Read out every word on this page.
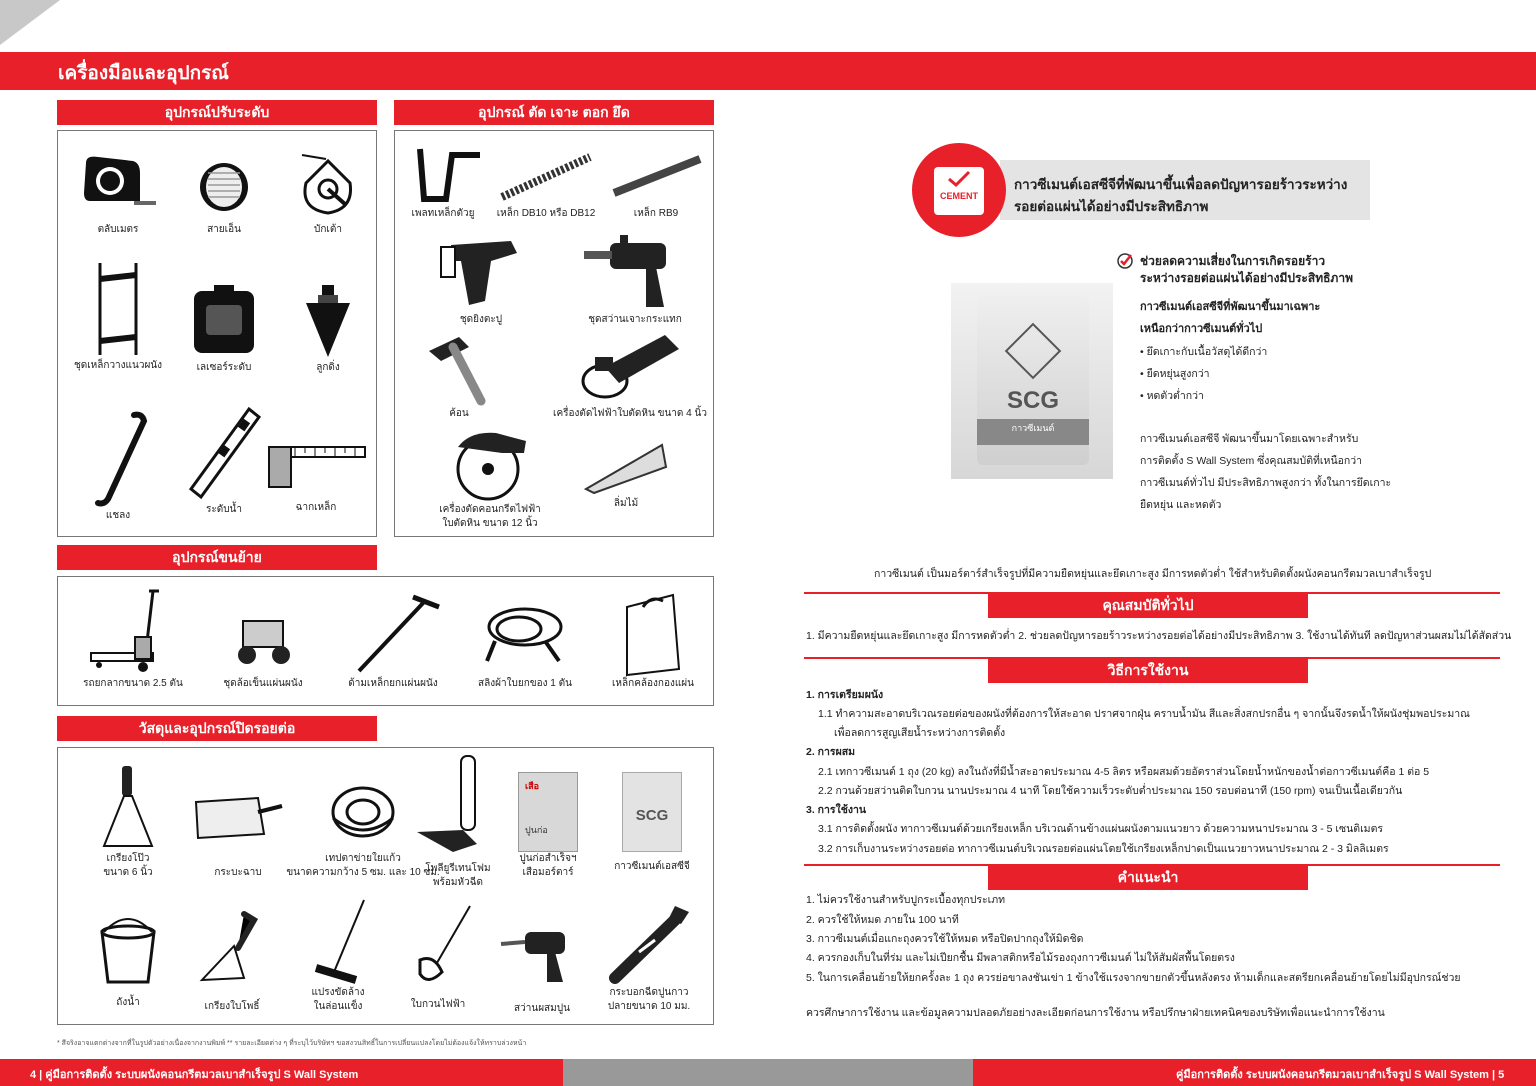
เครื่องมือและอุปกรณ์
อุปกรณ์ปรับระดับ
ตลับเมตร	สายเอ็น	บักเต้า
ชุดเหล็กวางแนวผนัง	เลเซอร์ระดับ	ลูกดิ่ง
แชลง
ระดับน้ำ	ฉากเหล็ก
อุปกรณ์ ตัด เจาะ ตอก ยึด
เพลทเหล็กตัวยู	เหล็ก DB10 หรือ DB12	เหล็ก RB9
ชุดยิงตะปู	ชุดสว่านเจาะกระแทก
ค้อน	เครื่องตัดไฟฟ้าใบตัดหิน ขนาด 4 นิ้ว
เครื่องตัดคอนกรีตไฟฟ้า
ใบตัดหิน ขนาด 12 นิ้ว
ลิ่มไม้
อุปกรณ์ขนย้าย
รถยกลากขนาด 2.5 ตัน	ชุดล้อเข็นแผ่นผนัง	ด้ามเหล็กยกแผ่นผนัง	สลิงผ้าใบยกของ 1 ตัน	เหล็กคล้องกองแผ่น
วัสดุและอุปกรณ์ปิดรอยต่อ
เกรียงโป๊ว
ขนาด 6 นิ้ว	กระบะฉาบ
เทปตาข่ายใยแก้ว
ขนาดความกว้าง 5 ซม. และ 10 ซม.
โพลียูรีเทนโฟม
พร้อมหัวฉีด
เสือ
ปูนก่อ
ปูนก่อสำเร็จฯ
เสือมอร์ตาร์
SCG
กาวซีเมนต์เอสซีจี
ถังน้ำ	เกรียงใบโพธิ์
แปรงขัดล้าง
ในล่อนแข็ง	ใบกวนไฟฟ้า	สว่านผสมปูน
กระบอกฉีดปูนกาว
ปลายขนาด 10 มม.
* สีจริงอาจแตกต่างจากที่ในรูปตัวอย่างเนื่องจากงานพิมพ์ ** รายละเอียดต่าง ๆ ที่ระบุไว้บริษัทฯ ขอสงวนสิทธิ์ในการเปลี่ยนแปลงโดยไม่ต้องแจ้งให้ทราบล่วงหน้า
CEMENT
กาวซีเมนต์เอสซีจีที่พัฒนาขึ้นเพื่อลดปัญหารอยร้าวระหว่าง
รอยต่อแผ่นได้อย่างมีประสิทธิภาพ
SCG
กาวซีเมนต์
ช่วยลดความเสี่ยงในการเกิดรอยร้าว
ระหว่างรอยต่อแผ่นได้อย่างมีประสิทธิภาพ
กาวซีเมนต์เอสซีจีที่พัฒนาขึ้นมาเฉพาะ
เหนือกว่ากาวซีเมนต์ทั่วไป
• ยึดเกาะกับเนื้อวัสดุได้ดีกว่า
• ยืดหยุ่นสูงกว่า
• หดตัวต่ำกว่า
กาวซีเมนต์เอสซีจี พัฒนาขึ้นมาโดยเฉพาะสำหรับ
การติดตั้ง S Wall System ซึ่งคุณสมบัติที่เหนือกว่า
กาวซีเมนต์ทั่วไป มีประสิทธิภาพสูงกว่า ทั้งในการยึดเกาะ
ยืดหยุ่น และหดตัว
กาวซีเมนต์ เป็นมอร์ตาร์สำเร็จรูปที่มีความยืดหยุ่นและยึดเกาะสูง มีการหดตัวต่ำ ใช้สำหรับติดตั้งผนังคอนกรีตมวลเบาสำเร็จรูป
คุณสมบัติทั่วไป
1. มีความยืดหยุ่นและยึดเกาะสูง มีการหดตัวต่ำ 2. ช่วยลดปัญหารอยร้าวระหว่างรอยต่อได้อย่างมีประสิทธิภาพ 3. ใช้งานได้ทันที ลดปัญหาส่วนผสมไม่ได้สัดส่วน
วิธีการใช้งาน
1. การเตรียมผนัง
1.1 ทำความสะอาดบริเวณรอยต่อของผนังที่ต้องการให้สะอาด ปราศจากฝุ่น คราบน้ำมัน สีและสิ่งสกปรกอื่น ๆ จากนั้นจึงรดน้ำให้ผนังชุ่มพอประมาณ
เพื่อลดการสูญเสียน้ำระหว่างการติดตั้ง
2. การผสม
2.1 เทกาวซีเมนต์ 1 ถุง (20 kg) ลงในถังที่มีน้ำสะอาดประมาณ 4-5 ลิตร หรือผสมด้วยอัตราส่วนโดยน้ำหนักของน้ำต่อกาวซีเมนต์คือ 1 ต่อ 5
2.2 กวนด้วยสว่านติดใบกวน นานประมาณ 4 นาที โดยใช้ความเร็วระดับต่ำประมาณ 150 รอบต่อนาที (150 rpm) จนเป็นเนื้อเดียวกัน
3. การใช้งาน
3.1 การติดตั้งผนัง ทากาวซีเมนต์ด้วยเกรียงเหล็ก บริเวณด้านข้างแผ่นผนังตามแนวยาว ด้วยความหนาประมาณ 3 - 5 เซนติเมตร
3.2 การเก็บงานระหว่างรอยต่อ ทากาวซีเมนต์บริเวณรอยต่อแผ่นโดยใช้เกรียงเหล็กปาดเป็นแนวยาวหนาประมาณ 2 - 3 มิลลิเมตร
คำแนะนำ
1. ไม่ควรใช้งานสำหรับปูกระเบื้องทุกประเภท
2. ควรใช้ให้หมด ภายใน 100 นาที
3. กาวซีเมนต์เมื่อแกะถุงควรใช้ให้หมด หรือปิดปากถุงให้มิดชิด
4. ควรกองเก็บในที่ร่ม และไม่เปียกชื้น มีพลาสติกหรือไม้รองถุงกาวซีเมนต์ ไม่ให้สัมผัสพื้นโดยตรง
5. ในการเคลื่อนย้ายให้ยกครั้งละ 1 ถุง ควรย่อขาลงชันเข่า 1 ข้างใช้แรงจากขายกตัวขึ้นหลังตรง ห้ามเด็กและสตรียกเคลื่อนย้ายโดยไม่มีอุปกรณ์ช่วย
ควรศึกษาการใช้งาน และข้อมูลความปลอดภัยอย่างละเอียดก่อนการใช้งาน หรือปรึกษาฝ่ายเทคนิคของบริษัทเพื่อแนะนำการใช้งาน
4 | คู่มือการติดตั้ง ระบบผนังคอนกรีตมวลเบาสำเร็จรูป S Wall System	คู่มือการติดตั้ง ระบบผนังคอนกรีตมวลเบาสำเร็จรูป S Wall System | 5
